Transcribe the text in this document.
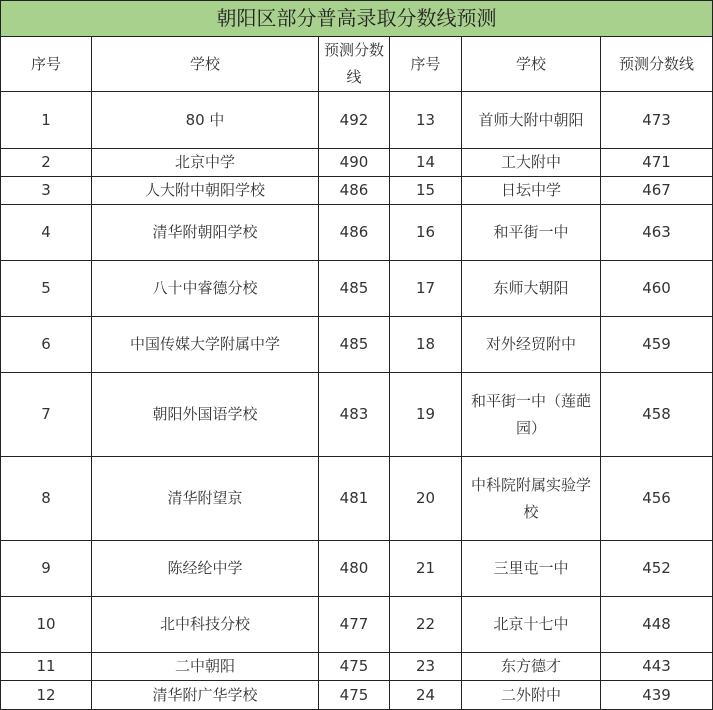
朝阳区部分普高录取分数线预测					
序号	学校	预测分数线	序号	学校	预测分数线
1	80 中	492	13	首师大附中朝阳	473
2	北京中学	490	14	工大附中	471
3	人大附中朝阳学校	486	15	日坛中学	467
4	清华附朝阳学校	486	16	和平街一中	463
5	八十中睿德分校	485	17	东师大朝阳	460
6	中国传媒大学附属中学	485	18	对外经贸附中	459
7	朝阳外国语学校	483	19	和平街一中（莲葩园）	458
8	清华附望京	481	20	中科院附属实验学校	456
9	陈经纶中学	480	21	三里屯一中	452
10	北中科技分校	477	22	北京十七中	448
11	二中朝阳	475	23	东方德才	443
12	清华附广华学校	475	24	二外附中	439
